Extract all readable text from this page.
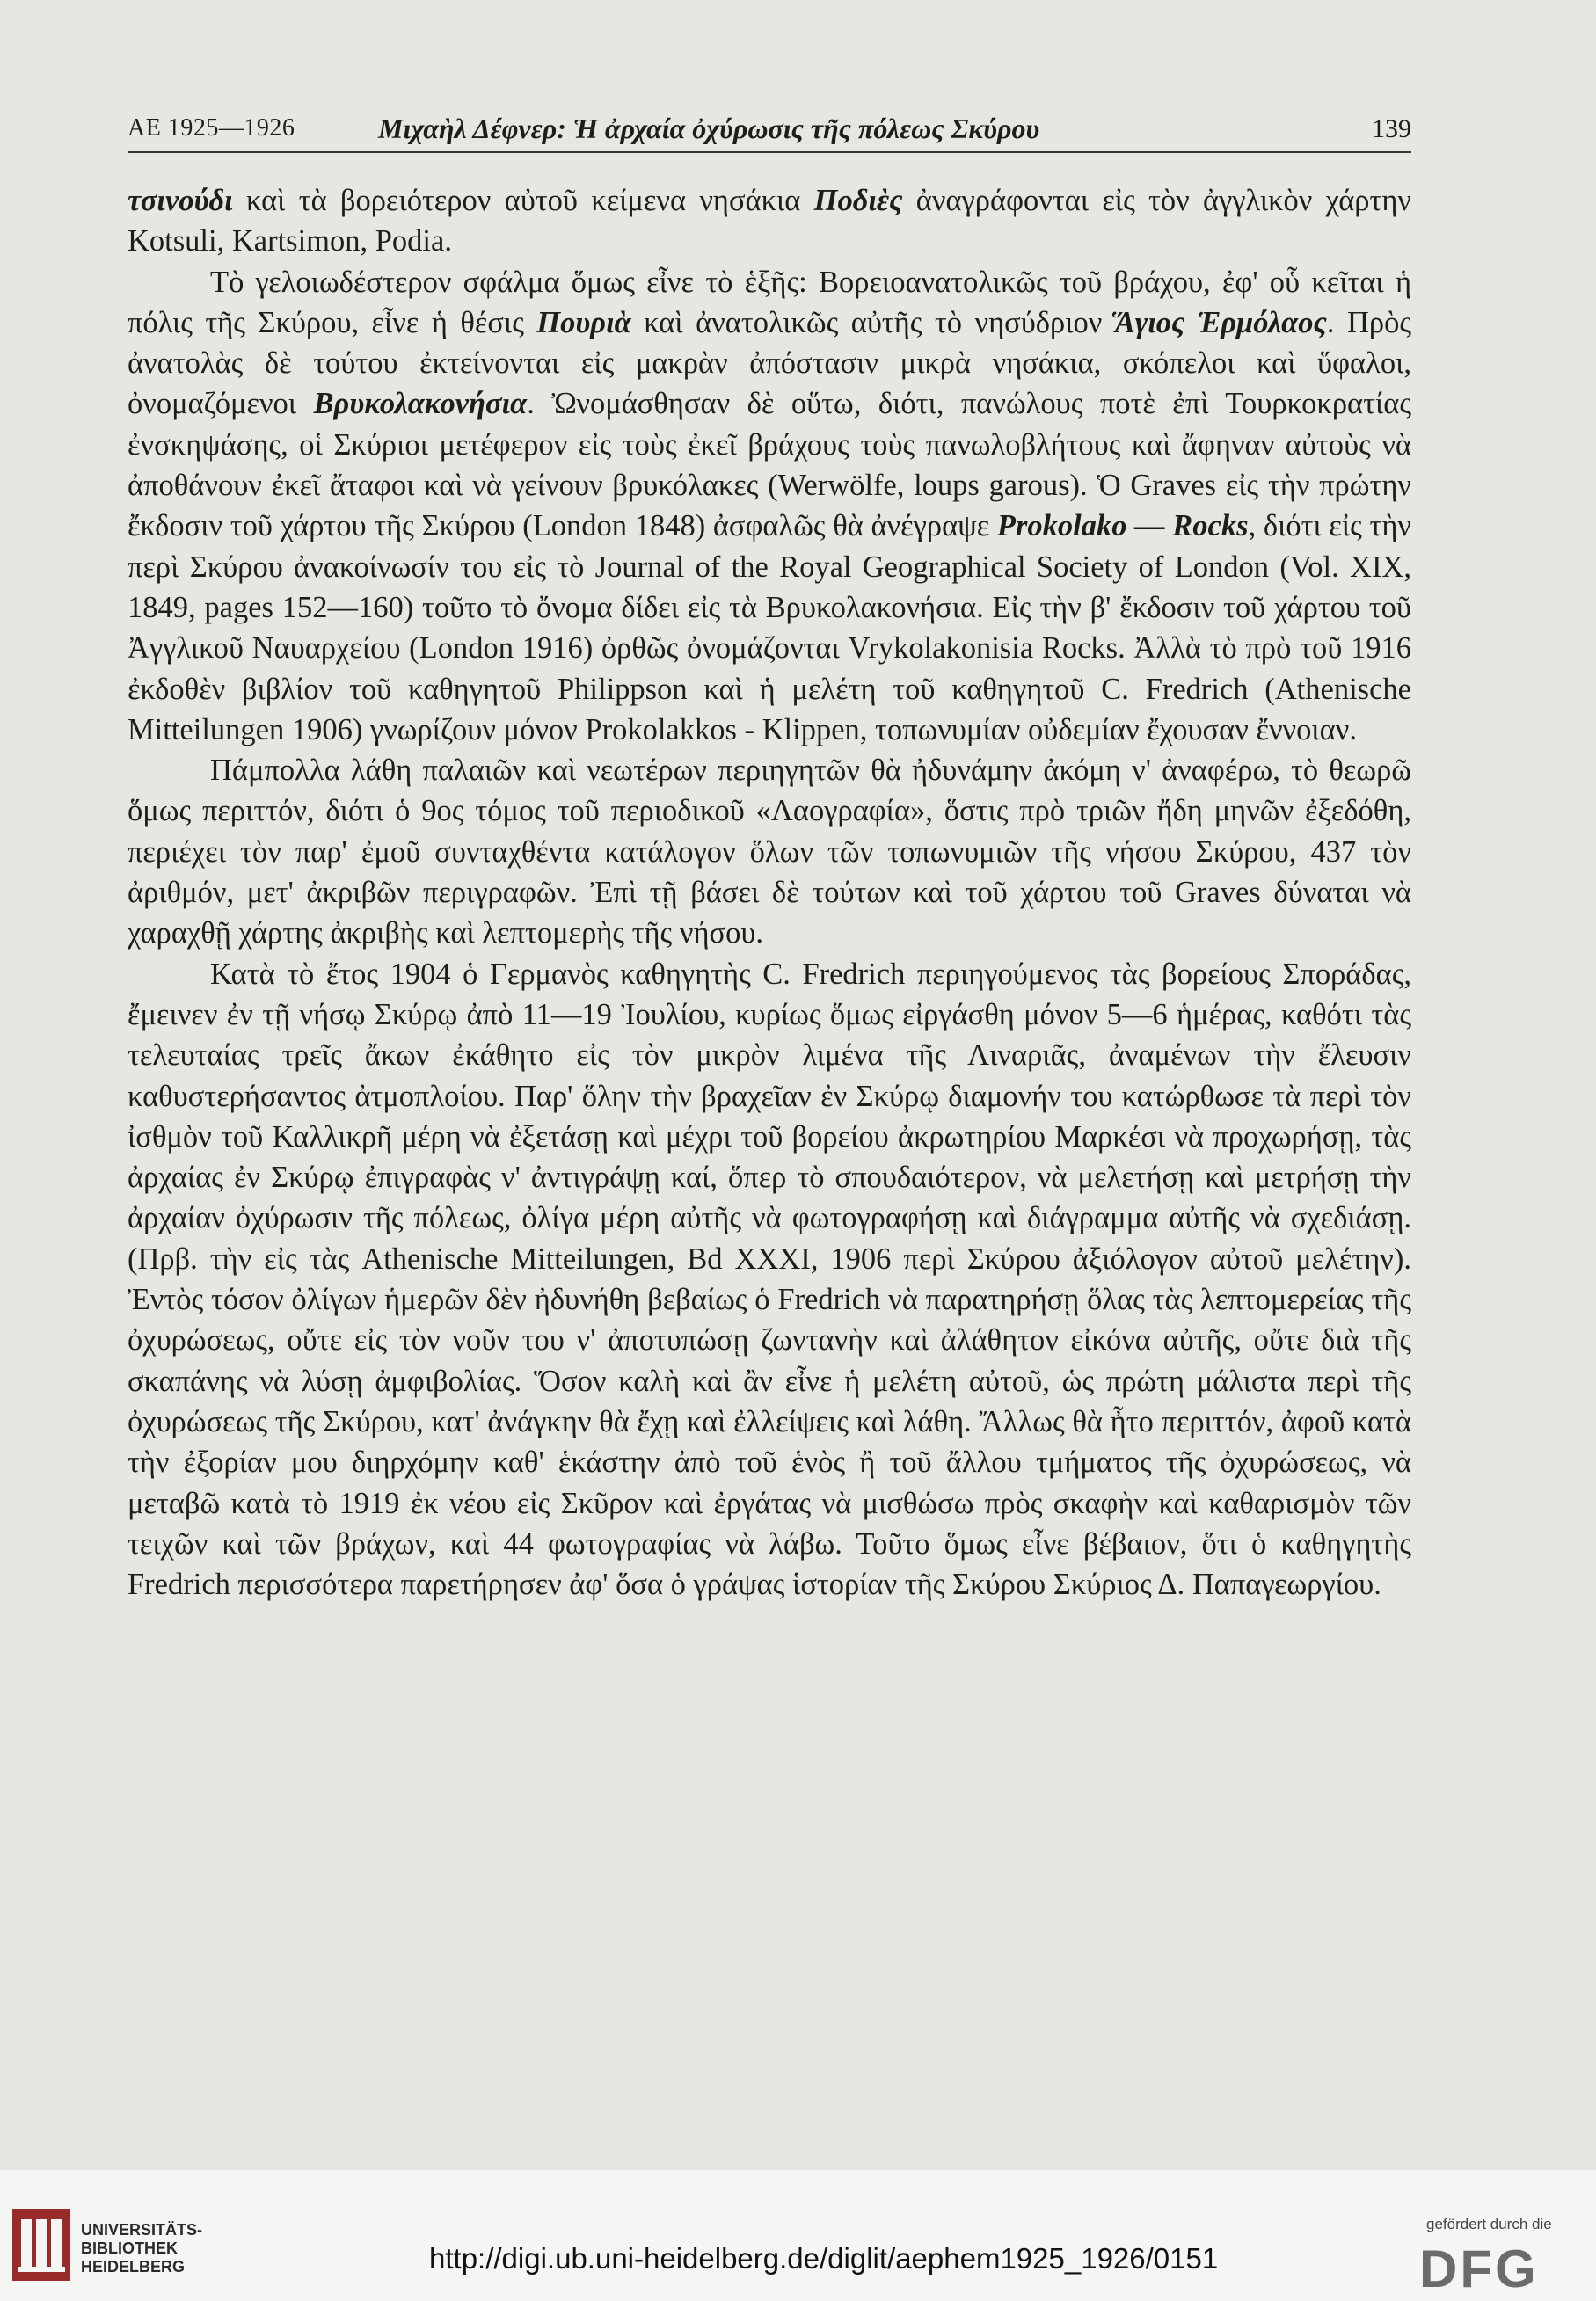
ΑΕ 1925—1926	Μιχαὴλ Δέφνερ: Ἡ ἀρχαία ὀχύρωσις τῆς πόλεως Σκύρου	139

τσινούδι καὶ τὰ βορειότερον αὐτοῦ κείμενα νησάκια Ποδιὲς ἀναγράφονται εἰς τὸν ἀγγλικὸν χάρτην Kotsuli, Kartsimon, Podia.

Τὸ γελοιωδέστερον σφάλμα ὅμως εἶνε τὸ ἑξῆς: Βορειοανατολικῶς τοῦ βράχου, ἐφ' οὗ κεῖται ἡ πόλις τῆς Σκύρου, εἶνε ἡ θέσις Πουριὰ καὶ ἀνατολικῶς αὐτῆς τὸ νησύδριον Ἅγιος Ἑρμόλαος. Πρὸς ἀνατολὰς δὲ τούτου ἐκτείνονται εἰς μακρὰν ἀπόστασιν μικρὰ νησάκια, σκόπελοι καὶ ὕφαλοι, ὀνομαζόμενοι Βρυκολακονήσια. Ὠνομάσθησαν δὲ οὕτω, διότι, πανώλους ποτὲ ἐπὶ Τουρκοκρατίας ἐνσκηψάσης, οἱ Σκύριοι μετέφερον εἰς τοὺς ἐκεῖ βράχους τοὺς πανωλοβλήτους καὶ ἄφηναν αὐτοὺς νὰ ἀποθάνουν ἐκεῖ ἄταφοι καὶ νὰ γείνουν βρυκόλακες (Werwölfe, loups garous). Ὁ Graves εἰς τὴν πρώτην ἔκδοσιν τοῦ χάρτου τῆς Σκύρου (London 1848) ἀσφαλῶς θὰ ἀνέγραψε Prokolako — Rocks, διότι εἰς τὴν περὶ Σκύρου ἀνακοίνωσίν του εἰς τὸ Journal of the Royal Geographical Society of London (Vol. XIX, 1849, pages 152—160) τοῦτο τὸ ὄνομα δίδει εἰς τὰ Βρυκολακονήσια. Εἰς τὴν β' ἔκδοσιν τοῦ χάρτου τοῦ Ἀγγλικοῦ Ναυαρχείου (London 1916) ὀρθῶς ὀνομάζονται Vrykolakonisia Rocks. Ἀλλὰ τὸ πρὸ τοῦ 1916 ἐκδοθὲν βιβλίον τοῦ καθηγητοῦ Philippson καὶ ἡ μελέτη τοῦ καθηγητοῦ C. Fredrich (Athenische Mitteilungen 1906) γνωρίζουν μόνον Prokolakkos - Klippen, τοπωνυμίαν οὐδεμίαν ἔχουσαν ἔννοιαν.

Πάμπολλα λάθη παλαιῶν καὶ νεωτέρων περιηγητῶν θὰ ἠδυνάμην ἀκόμη ν' ἀναφέρω, τὸ θεωρῶ ὅμως περιττόν, διότι ὁ 9ος τόμος τοῦ περιοδικοῦ «Λαογραφία», ὅστις πρὸ τριῶν ἤδη μηνῶν ἐξεδόθη, περιέχει τὸν παρ' ἐμοῦ συνταχθέντα κατάλογον ὅλων τῶν τοπωνυμιῶν τῆς νήσου Σκύρου, 437 τὸν ἀριθμόν, μετ' ἀκριβῶν περιγραφῶν. Ἐπὶ τῇ βάσει δὲ τούτων καὶ τοῦ χάρτου τοῦ Graves δύναται νὰ χαραχθῇ χάρτης ἀκριβὴς καὶ λεπτομερὴς τῆς νήσου.

Κατὰ τὸ ἔτος 1904 ὁ Γερμανὸς καθηγητὴς C. Fredrich περιηγούμενος τὰς βορείους Σποράδας, ἔμεινεν ἐν τῇ νήσῳ Σκύρῳ ἀπὸ 11—19 Ἰουλίου, κυρίως ὅμως εἰργάσθη μόνον 5—6 ἡμέρας, καθότι τὰς τελευταίας τρεῖς ἄκων ἐκάθητο εἰς τὸν μικρὸν λιμένα τῆς Λιναριᾶς, ἀναμένων τὴν ἔλευσιν καθυστερήσαντος ἀτμοπλοίου. Παρ' ὅλην τὴν βραχεῖαν ἐν Σκύρῳ διαμονήν του κατώρθωσε τὰ περὶ τὸν ἰσθμὸν τοῦ Καλλικρῆ μέρη νὰ ἐξετάσῃ καὶ μέχρι τοῦ βορείου ἀκρωτηρίου Μαρκέσι νὰ προχωρήσῃ, τὰς ἀρχαίας ἐν Σκύρῳ ἐπιγραφὰς ν' ἀντιγράψῃ καί, ὅπερ τὸ σπουδαιότερον, νὰ μελετήσῃ καὶ μετρήσῃ τὴν ἀρχαίαν ὀχύρωσιν τῆς πόλεως, ὀλίγα μέρη αὐτῆς νὰ φωτογραφήσῃ καὶ διάγραμμα αὐτῆς νὰ σχεδιάσῃ. (Πρβ. τὴν εἰς τὰς Athenische Mitteilungen, Bd XXXI, 1906 περὶ Σκύρου ἀξιόλογον αὐτοῦ μελέτην). Ἐντὸς τόσον ὀλίγων ἡμερῶν δὲν ἠδυνήθη βεβαίως ὁ Fredrich νὰ παρατηρήσῃ ὅλας τὰς λεπτομερείας τῆς ὀχυρώσεως, οὔτε εἰς τὸν νοῦν του ν' ἀποτυπώσῃ ζωντανὴν καὶ ἀλάθητον εἰκόνα αὐτῆς, οὔτε διὰ τῆς σκαπάνης νὰ λύσῃ ἀμφιβολίας. Ὅσον καλὴ καὶ ἂν εἶνε ἡ μελέτη αὐτοῦ, ὡς πρώτη μάλιστα περὶ τῆς ὀχυρώσεως τῆς Σκύρου, κατ' ἀνάγκην θὰ ἔχῃ καὶ ἐλλείψεις καὶ λάθη. Ἄλλως θὰ ἦτο περιττόν, ἀφοῦ κατὰ τὴν ἐξορίαν μου διηρχόμην καθ' ἑκάστην ἀπὸ τοῦ ἑνὸς ἢ τοῦ ἄλλου τμήματος τῆς ὀχυρώσεως, νὰ μεταβῶ κατὰ τὸ 1919 ἐκ νέου εἰς Σκῦρον καὶ ἐργάτας νὰ μισθώσω πρὸς σκαφὴν καὶ καθαρισμὸν τῶν τειχῶν καὶ τῶν βράχων, καὶ 44 φωτογραφίας νὰ λάβω. Τοῦτο ὅμως εἶνε βέβαιον, ὅτι ὁ καθηγητὴς Fredrich περισσότερα παρετήρησεν ἀφ' ὅσα ὁ γράψας ἱστορίαν τῆς Σκύρου Σκύριος Δ. Παπαγεωργίου.

UNIVERSITÄTS-
BIBLIOTHEK
HEIDELBERG	http://digi.ub.uni-heidelberg.de/diglit/aephem1925_1926/0151
gefördert durch die
DFG
